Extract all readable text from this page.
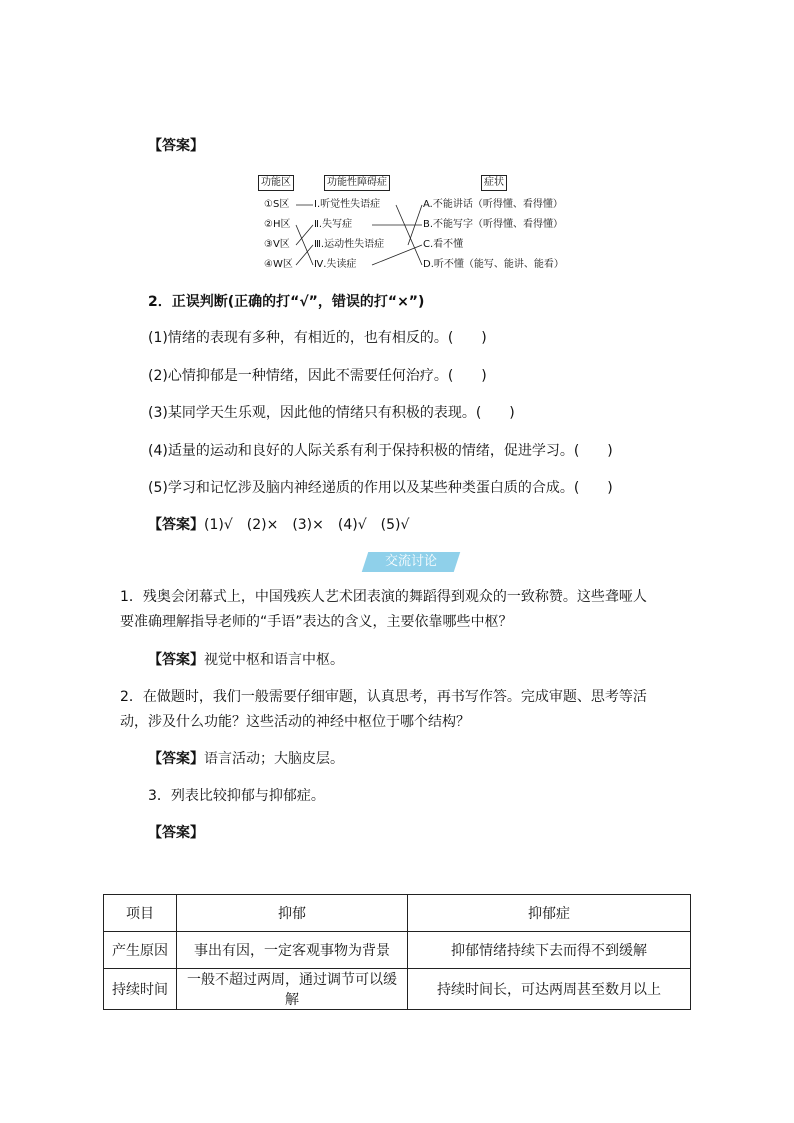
【答案】
功能区	功能性障碍症	症状
①S区
②H区
③V区
④W区
Ⅰ.听觉性失语症
Ⅱ.失写症
Ⅲ.运动性失语症
Ⅳ.失读症
A.不能讲话（听得懂、看得懂）
B.不能写字（听得懂、看得懂）
C.看不懂
D.听不懂（能写、能讲、能看）
2．正误判断(正确的打“√”，错误的打“×”)
(1)情绪的表现有多种，有相近的，也有相反的。(　　)
(2)心情抑郁是一种情绪，因此不需要任何治疗。(　　)
(3)某同学天生乐观，因此他的情绪只有积极的表现。(　　)
(4)适量的运动和良好的人际关系有利于保持积极的情绪，促进学习。(　　)
(5)学习和记忆涉及脑内神经递质的作用以及某些种类蛋白质的合成。(　　)
【答案】(1)√　(2)×　(3)×　(4)√　(5)√
交流讨论
1．残奥会闭幕式上，中国残疾人艺术团表演的舞蹈得到观众的一致称赞。这些聋哑人
要准确理解指导老师的“手语”表达的含义，主要依靠哪些中枢？
【答案】视觉中枢和语言中枢。
2．在做题时，我们一般需要仔细审题，认真思考，再书写作答。完成审题、思考等活
动，涉及什么功能？这些活动的神经中枢位于哪个结构？
【答案】语言活动；大脑皮层。
3．列表比较抑郁与抑郁症。
【答案】
项目	抑郁	抑郁症
产生原因	事出有因，一定客观事物为背景	抑郁情绪持续下去而得不到缓解
持续时间	一般不超过两周，通过调节可以缓解	持续时间长，可达两周甚至数月以上
